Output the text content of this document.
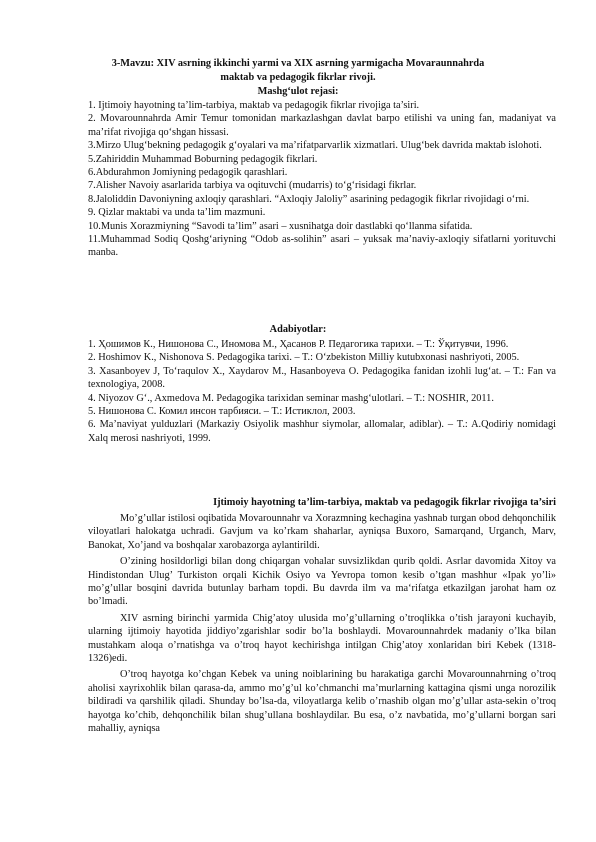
3-Mavzu: XIV asrning ikkinchi yarmi va XIX asrning yarmigacha Movaraunnahrda
maktab va pedagogik fikrlar rivoji.
Mashg‘ulot rejasi:

1. Ijtimoiy hayotning ta’lim-tarbiya, maktab va pedagogik fikrlar rivojiga ta’siri.

2. Movarounnahrda Amir Temur tomonidan markazlashgan davlat barpo etilishi va uning fan, madaniyat va ma’rifat rivojiga qo‘shgan hissasi.

3.Mirzo Ulug‘bekning pedagogik g‘oyalari va ma’rifatparvarlik xizmatlari. Ulug‘bek davrida maktab islohoti.

5.Zahiriddin Muhammad Boburning pedagogik fikrlari.

6.Abdurahmon Jomiyning pedagogik qarashlari.

7.Alisher Navoiy asarlarida tarbiya va oqituvchi (mudarris) to‘g‘risidagi fikrlar.

8.Jaloliddin Davoniyning axloqiy qarashlari. “Axloqiy Jaloliy” asarining pedagogik fikrlar rivojidagi o‘rni.

9. Qizlar maktabi va unda ta’lim mazmuni.

10.Munis Xorazmiyning “Savodi ta’lim” asari – xusnihatga doir dastlabki qo‘llanma sifatida.

11.Muhammad Sodiq Qoshg‘ariyning “Odob as-solihin” asari – yuksak ma’naviy-axloqiy sifatlarni yorituvchi manba.

Adabiyotlar:

1. Ҳошимов К., Нишонова С., Иномова М., Ҳасанов Р. Педагогика тарихи. – Т.: Ўқитувчи, 1996.

2. Hoshimov K., Nishonova S. Pedagogika tarixi. – T.: O‘zbekiston Milliy kutubxonasi nashriyoti, 2005.

3. Xasanboyev J, To‘raqulov X., Xaydarov M., Hasanboyeva O. Pedagogika fanidan izohli lug‘at. – T.: Fan va texnologiya, 2008.

4. Niyozov G‘., Axmedova M. Pedagogika tarixidan seminar mashg‘ulotlari. – T.: NOSHIR, 2011.

5. Нишонова С. Комил инсон тарбияси. – Т.: Истиклол, 2003.

6. Ma’naviyat yulduzlari (Markaziy Osiyolik mashhur siymolar, allomalar, adiblar). – T.: A.Qodiriy nomidagi Xalq merosi nashriyoti, 1999.

Ijtimoiy hayotning ta’lim-tarbiya, maktab va pedagogik fikrlar rivojiga ta’siri

Mo’g’ullar istilosi oqibatida Movarounnahr va Xorazmning kechagina yashnab turgan obod dehqonchilik viloyatlari halokatga uchradi. Gavjum va ko’rkam shaharlar, ayniqsa Buxoro, Samarqand, Urganch, Marv, Banokat, Xo’jand va boshqalar xarobazorga aylantirildi.

O’zining hosildorligi bilan dong chiqargan vohalar suvsizlikdan qurib qoldi. Asrlar davomida Xitoy va Hindistondan Ulug’ Turkiston orqali Kichik Osiyo va Yevropa tomon kesib o’tgan mashhur «Ipak yo’li» mo’g’ullar bosqini davrida butunlay barham topdi. Bu davrda ilm va ma‘rifatga etkazilgan jarohat ham oz bo’lmadi.

XIV asrning birinchi yarmida Chig’atoy ulusida mo’g’ullarning o’troqlikka o’tish jarayoni kuchayib, ularning ijtimoiy hayotida jiddiyo’zgarishlar sodir bo’la boshlaydi. Movarounnahrdek madaniy o’lka bilan mustahkam aloqa o’rnatishga va o’troq hayot kechirishga intilgan Chig’atoy xonlaridan biri Kebek (1318-1326)edi.

O’troq hayotga ko’chgan Kebek va uning noiblarining bu harakatiga garchi Movarounnahrning o’troq aholisi xayrixohlik bilan qarasa-da, ammo mo’g’ul ko’chmanchi ma’murlarning kattagina qismi unga norozilik bildiradi va qarshilik qiladi. Shunday bo’lsa-da, viloyatlarga kelib o’rnashib olgan mo’g’ullar asta-sekin o’troq hayotga ko’chib, dehqonchilik bilan shug’ullana boshlaydilar. Bu esa, o’z navbatida, mo’g’ullarni borgan sari mahalliy, ayniqsa
